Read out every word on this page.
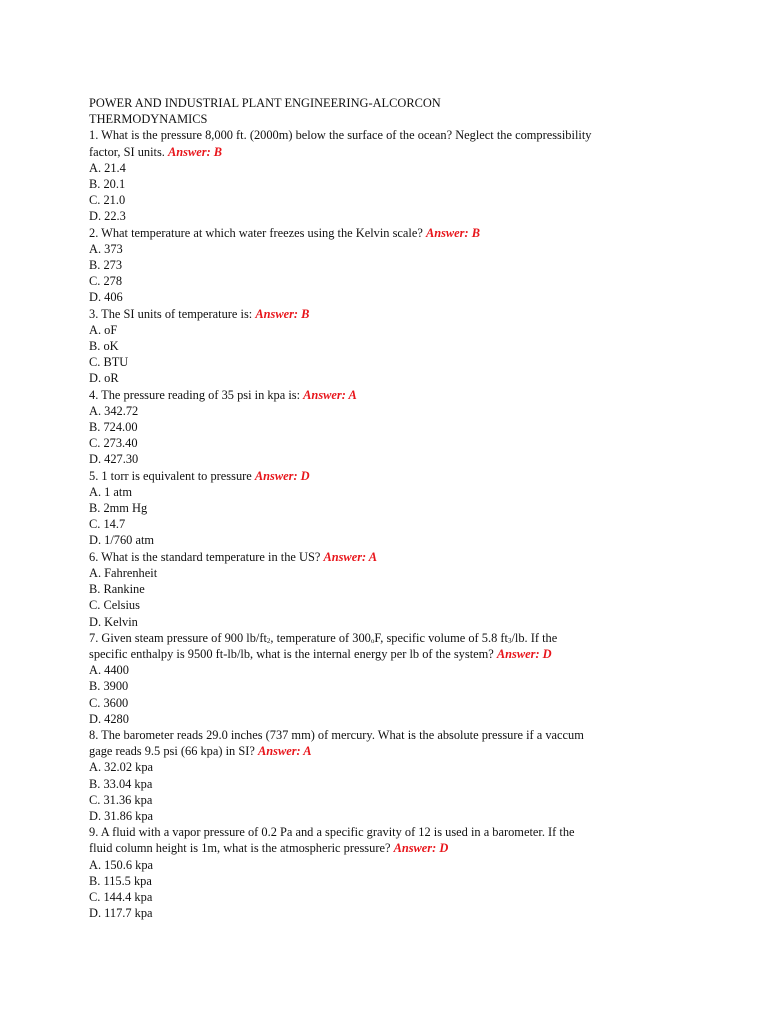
POWER AND INDUSTRIAL PLANT ENGINEERING-ALCORCON
THERMODYNAMICS
1. What is the pressure 8,000 ft. (2000m) below the surface of the ocean? Neglect the compressibility
factor, SI units. Answer: B
A. 21.4
B. 20.1
C. 21.0
D. 22.3
2. What temperature at which water freezes using the Kelvin scale? Answer: B
A. 373
B. 273
C. 278
D. 406
3. The SI units of temperature is: Answer: B
A. oF
B. oK
C. BTU
D. oR
4. The pressure reading of 35 psi in kpa is: Answer: A
A. 342.72
B. 724.00
C. 273.40
D. 427.30
5. 1 torr is equivalent to pressure Answer: D
A. 1 atm
B. 2mm Hg
C. 14.7
D. 1/760 atm
6. What is the standard temperature in the US? Answer: A
A. Fahrenheit
B. Rankine
C. Celsius
D. Kelvin
7. Given steam pressure of 900 $lb/ft_2$, temperature of $300_oF$, specific volume of 5.8 $ft_3/lb$. If the
specific enthalpy is 9500 ft-lb/lb, what is the internal energy per lb of the system? Answer: D
A. 4400
B. 3900
C. 3600
D. 4280
8. The barometer reads 29.0 inches (737 mm) of mercury. What is the absolute pressure if a vaccum
gage reads 9.5 psi (66 kpa) in SI? Answer: A
A. 32.02 kpa
B. 33.04 kpa
C. 31.36 kpa
D. 31.86 kpa
9. A fluid with a vapor pressure of 0.2 Pa and a specific gravity of 12 is used in a barometer. If the
fluid column height is 1m, what is the atmospheric pressure? Answer: D
A. 150.6 kpa
B. 115.5 kpa
C. 144.4 kpa
D. 117.7 kpa
